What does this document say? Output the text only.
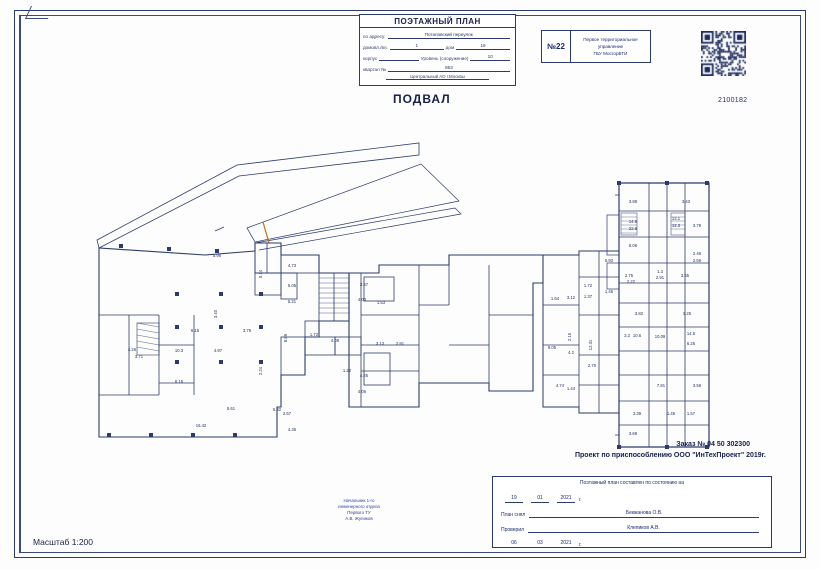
5.96
5.14
4.73
5.05
5.21
3.40
6.15	3.79
8.89
3.67
4.03
1.53
1.72
4.09
3.13	2.91
1.22
4.25
4.06
2.57
5.92
5.61
16.42
4.36
3.71
4.26	10.3	4.97
6.15
2.24
1.64 3.12
2.15
9.05
4.2
4.74
1.44
1.72
1.37
5.93
1.46
12.31
2.70
3.88	3.43
14.9
22.8
13.1
12.3	3.79
6.06
2.46
2.56
2.75
2.22
1.3
2.91	3.55
3.82	3.25
10.6
3.2	10.09
14.5
6.25
7.81	3.56
3.39	1.45	1.57
3.68
ПОЭТАЖНЫЙ ПЛАН
по адресу:	Потаповский переулок
домовл./вл.	1	дом	19
корпус	Уровень (сооружение)	10
квартал №	853
Центральный АО г.Москвы
№22
Первое территориальное
управление
ГБУ МосгорБТИ
2100182
ПОДВАЛ
Масштаб 1:200
Заказ № 04 50 302300
Проект по приспособлению ООО "ИнТехПроект" 2019г.
Начальник 1-го
инженерного отдела
Первого ТУ
А.В. Жуликов
Поэтажный план составлен по состоянию на
19	01	2021	г.
План снял	Бекжанова О.В.
Проверил	Клепиков А.В.
06	03	2021	г.
